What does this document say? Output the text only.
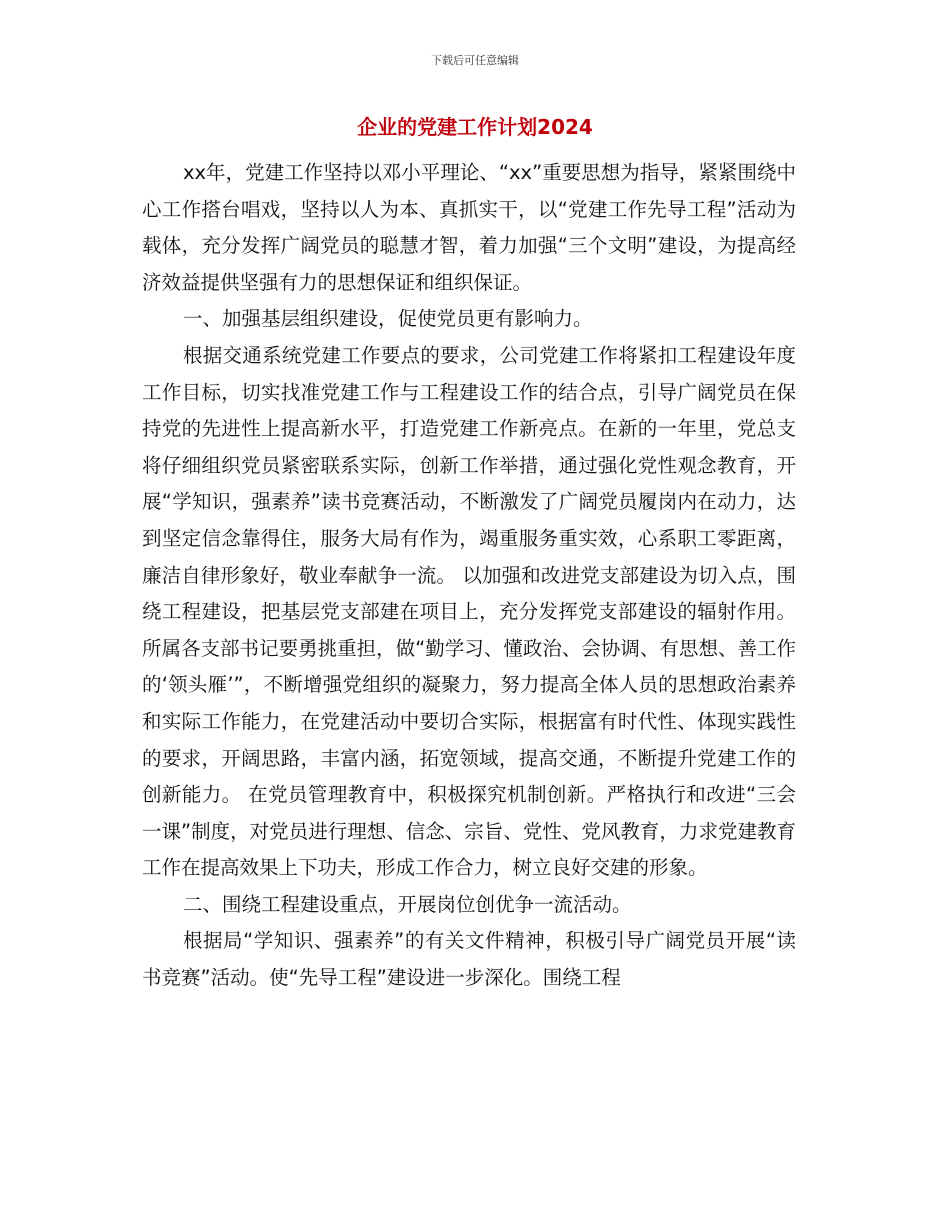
下载后可任意编辑
企业的党建工作计划2024

xx年，党建工作坚持以邓小平理论、“xx”重要思想为指导，紧紧围绕中心工作搭台唱戏，坚持以人为本、真抓实干，以“党建工作先导工程”活动为载体，充分发挥广阔党员的聪慧才智，着力加强“三个文明”建设，为提高经济效益提供坚强有力的思想保证和组织保证。

一、加强基层组织建设，促使党员更有影响力。

根据交通系统党建工作要点的要求，公司党建工作将紧扣工程建设年度工作目标，切实找准党建工作与工程建设工作的结合点，引导广阔党员在保持党的先进性上提高新水平，打造党建工作新亮点。在新的一年里，党总支将仔细组织党员紧密联系实际，创新工作举措，通过强化党性观念教育，开展“学知识，强素养”读书竞赛活动，不断激发了广阔党员履岗内在动力，达到坚定信念靠得住，服务大局有作为，竭重服务重实效，心系职工零距离，廉洁自律形象好，敬业奉献争一流。 以加强和改进党支部建设为切入点，围绕工程建设，把基层党支部建在项目上，充分发挥党支部建设的辐射作用。所属各支部书记要勇挑重担，做“勤学习、懂政治、会协调、有思想、善工作的‘领头雁’”，不断增强党组织的凝聚力，努力提高全体人员的思想政治素养和实际工作能力，在党建活动中要切合实际，根据富有时代性、体现实践性的要求，开阔思路，丰富内涵，拓宽领域，提高交通，不断提升党建工作的创新能力。 在党员管理教育中，积极探究机制创新。严格执行和改进“三会一课”制度，对党员进行理想、信念、宗旨、党性、党风教育，力求党建教育工作在提高效果上下功夫，形成工作合力，树立良好交建的形象。

二、围绕工程建设重点，开展岗位创优争一流活动。

根据局“学知识、强素养”的有关文件精神，积极引导广阔党员开展“读书竞赛”活动。使“先导工程”建设进一步深化。围绕工程
